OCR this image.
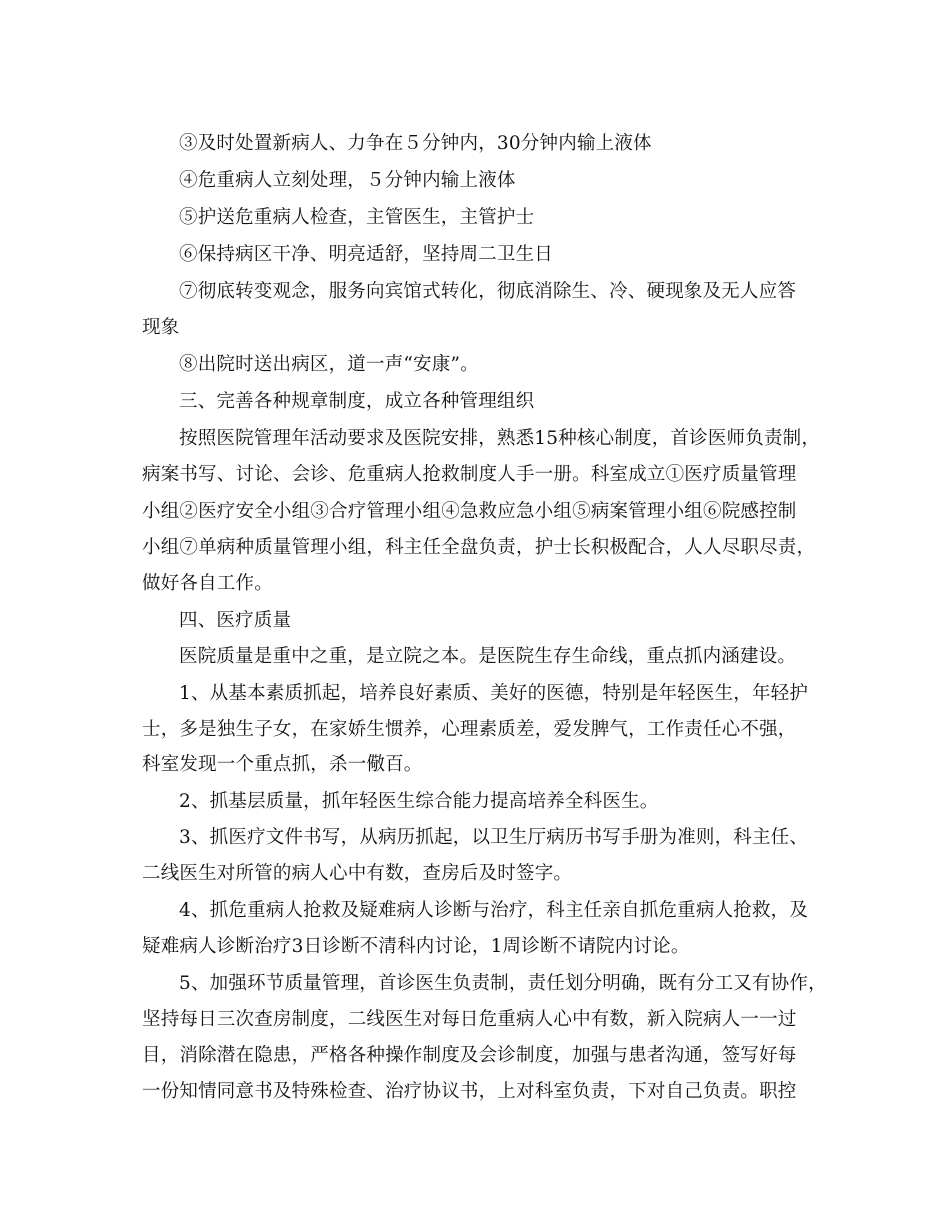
③及时处置新病人、力争在５分钟内，30分钟内输上液体
④危重病人立刻处理，５分钟内输上液体
⑤护送危重病人检查，主管医生，主管护士
⑥保持病区干净、明亮适舒，坚持周二卫生日
⑦彻底转变观念，服务向宾馆式转化，彻底消除生、冷、硬现象及无人应答
现象
⑧出院时送出病区，道一声“安康”。
三、完善各种规章制度，成立各种管理组织
按照医院管理年活动要求及医院安排，熟悉15种核心制度，首诊医师负责制，
病案书写、讨论、会诊、危重病人抢救制度人手一册。科室成立①医疗质量管理
小组②医疗安全小组③合疗管理小组④急救应急小组⑤病案管理小组⑥院感控制
小组⑦单病种质量管理小组，科主任全盘负责，护士长积极配合，人人尽职尽责，
做好各自工作。
四、医疗质量
医院质量是重中之重，是立院之本。是医院生存生命线，重点抓内涵建设。
1、从基本素质抓起，培养良好素质、美好的医德，特别是年轻医生，年轻护
士，多是独生子女，在家娇生惯养，心理素质差，爱发脾气，工作责任心不强，
科室发现一个重点抓，杀一儆百。
2、抓基层质量，抓年轻医生综合能力提高培养全科医生。
3、抓医疗文件书写，从病历抓起，以卫生厅病历书写手册为准则，科主任、
二线医生对所管的病人心中有数，查房后及时签字。
4、抓危重病人抢救及疑难病人诊断与治疗，科主任亲自抓危重病人抢救，及
疑难病人诊断治疗3日诊断不清科内讨论，1周诊断不请院内讨论。
5、加强环节质量管理，首诊医生负责制，责任划分明确，既有分工又有协作，
坚持每日三次查房制度，二线医生对每日危重病人心中有数，新入院病人一一过
目，消除潜在隐患，严格各种操作制度及会诊制度，加强与患者沟通，签写好每
一份知情同意书及特殊检查、治疗协议书，上对科室负责，下对自己负责。职控
